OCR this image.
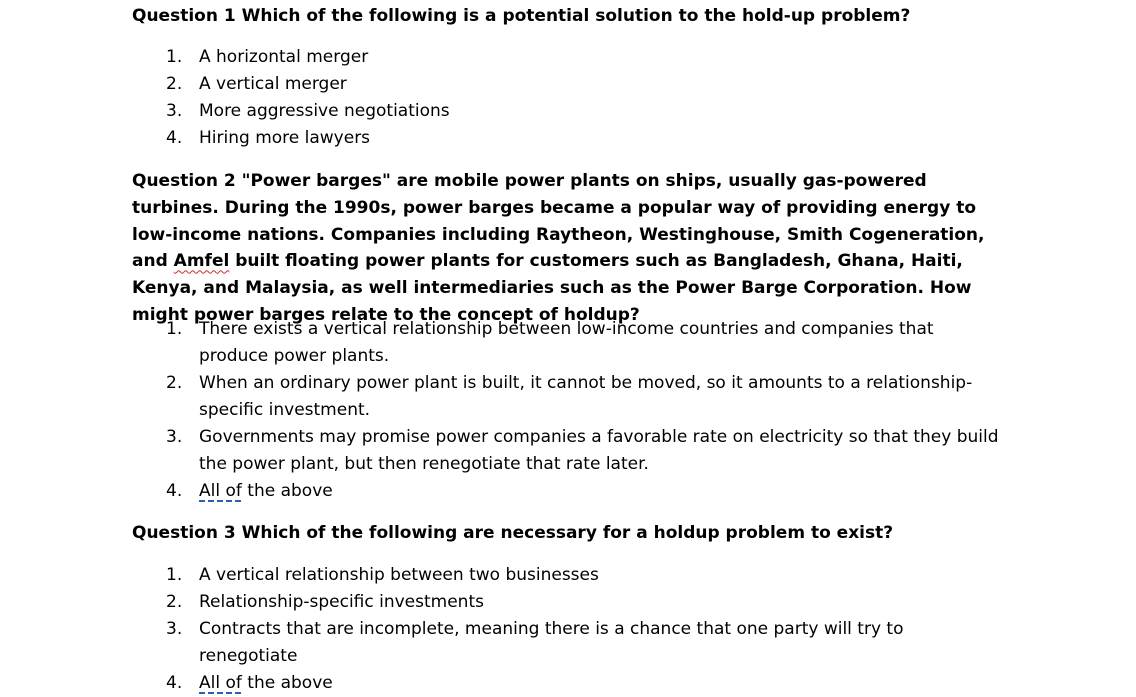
Question 1 Which of the following is a potential solution to the hold-up problem?

1. A horizontal merger
2. A vertical merger
3. More aggressive negotiations
4. Hiring more lawyers

Question 2 "Power barges" are mobile power plants on ships, usually gas-powered turbines. During the 1990s, power barges became a popular way of providing energy to low-income nations. Companies including Raytheon, Westinghouse, Smith Cogeneration, and Amfel built floating power plants for customers such as Bangladesh, Ghana, Haiti, Kenya, and Malaysia, as well intermediaries such as the Power Barge Corporation. How might power barges relate to the concept of holdup?

1. There exists a vertical relationship between low-income countries and companies that produce power plants.
2. When an ordinary power plant is built, it cannot be moved, so it amounts to a relationship-specific investment.
3. Governments may promise power companies a favorable rate on electricity so that they build the power plant, but then renegotiate that rate later.
4. All of the above

Question 3 Which of the following are necessary for a holdup problem to exist?

1. A vertical relationship between two businesses
2. Relationship-specific investments
3. Contracts that are incomplete, meaning there is a chance that one party will try to renegotiate
4. All of the above
